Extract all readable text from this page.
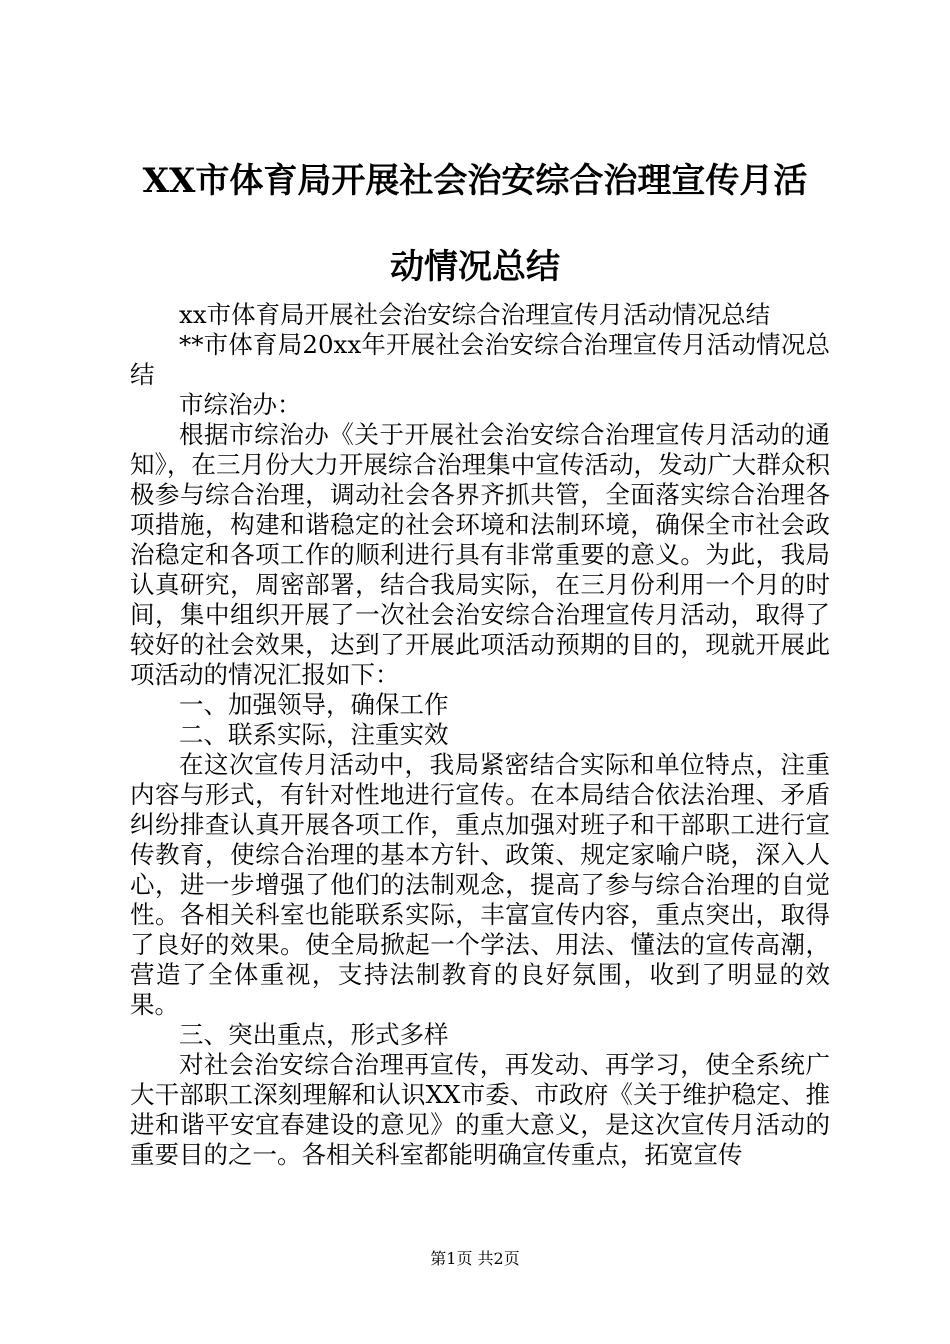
XX市体育局开展社会治安综合治理宣传月活
动情况总结

xx市体育局开展社会治安综合治理宣传月活动情况总结

**市体育局20xx年开展社会治安综合治理宣传月活动情况总结

市综治办：

根据市综治办《关于开展社会治安综合治理宣传月活动的通知》，在三月份大力开展综合治理集中宣传活动，发动广大群众积极参与综合治理，调动社会各界齐抓共管，全面落实综合治理各项措施，构建和谐稳定的社会环境和法制环境，确保全市社会政治稳定和各项工作的顺利进行具有非常重要的意义。为此，我局认真研究，周密部署，结合我局实际，在三月份利用一个月的时间，集中组织开展了一次社会治安综合治理宣传月活动，取得了较好的社会效果，达到了开展此项活动预期的目的，现就开展此项活动的情况汇报如下：

一、加强领导，确保工作

二、联系实际，注重实效

在这次宣传月活动中，我局紧密结合实际和单位特点，注重内容与形式，有针对性地进行宣传。在本局结合依法治理、矛盾纠纷排查认真开展各项工作，重点加强对班子和干部职工进行宣传教育，使综合治理的基本方针、政策、规定家喻户晓，深入人心，进一步增强了他们的法制观念，提高了参与综合治理的自觉性。各相关科室也能联系实际，丰富宣传内容，重点突出，取得了良好的效果。使全局掀起一个学法、用法、懂法的宣传高潮，营造了全体重视，支持法制教育的良好氛围，收到了明显的效果。

三、突出重点，形式多样

对社会治安综合治理再宣传，再发动、再学习，使全系统广大干部职工深刻理解和认识XX市委、市政府《关于维护稳定、推进和谐平安宜春建设的意见》的重大意义，是这次宣传月活动的重要目的之一。各相关科室都能明确宣传重点，拓宽宣传

第1页 共2页
